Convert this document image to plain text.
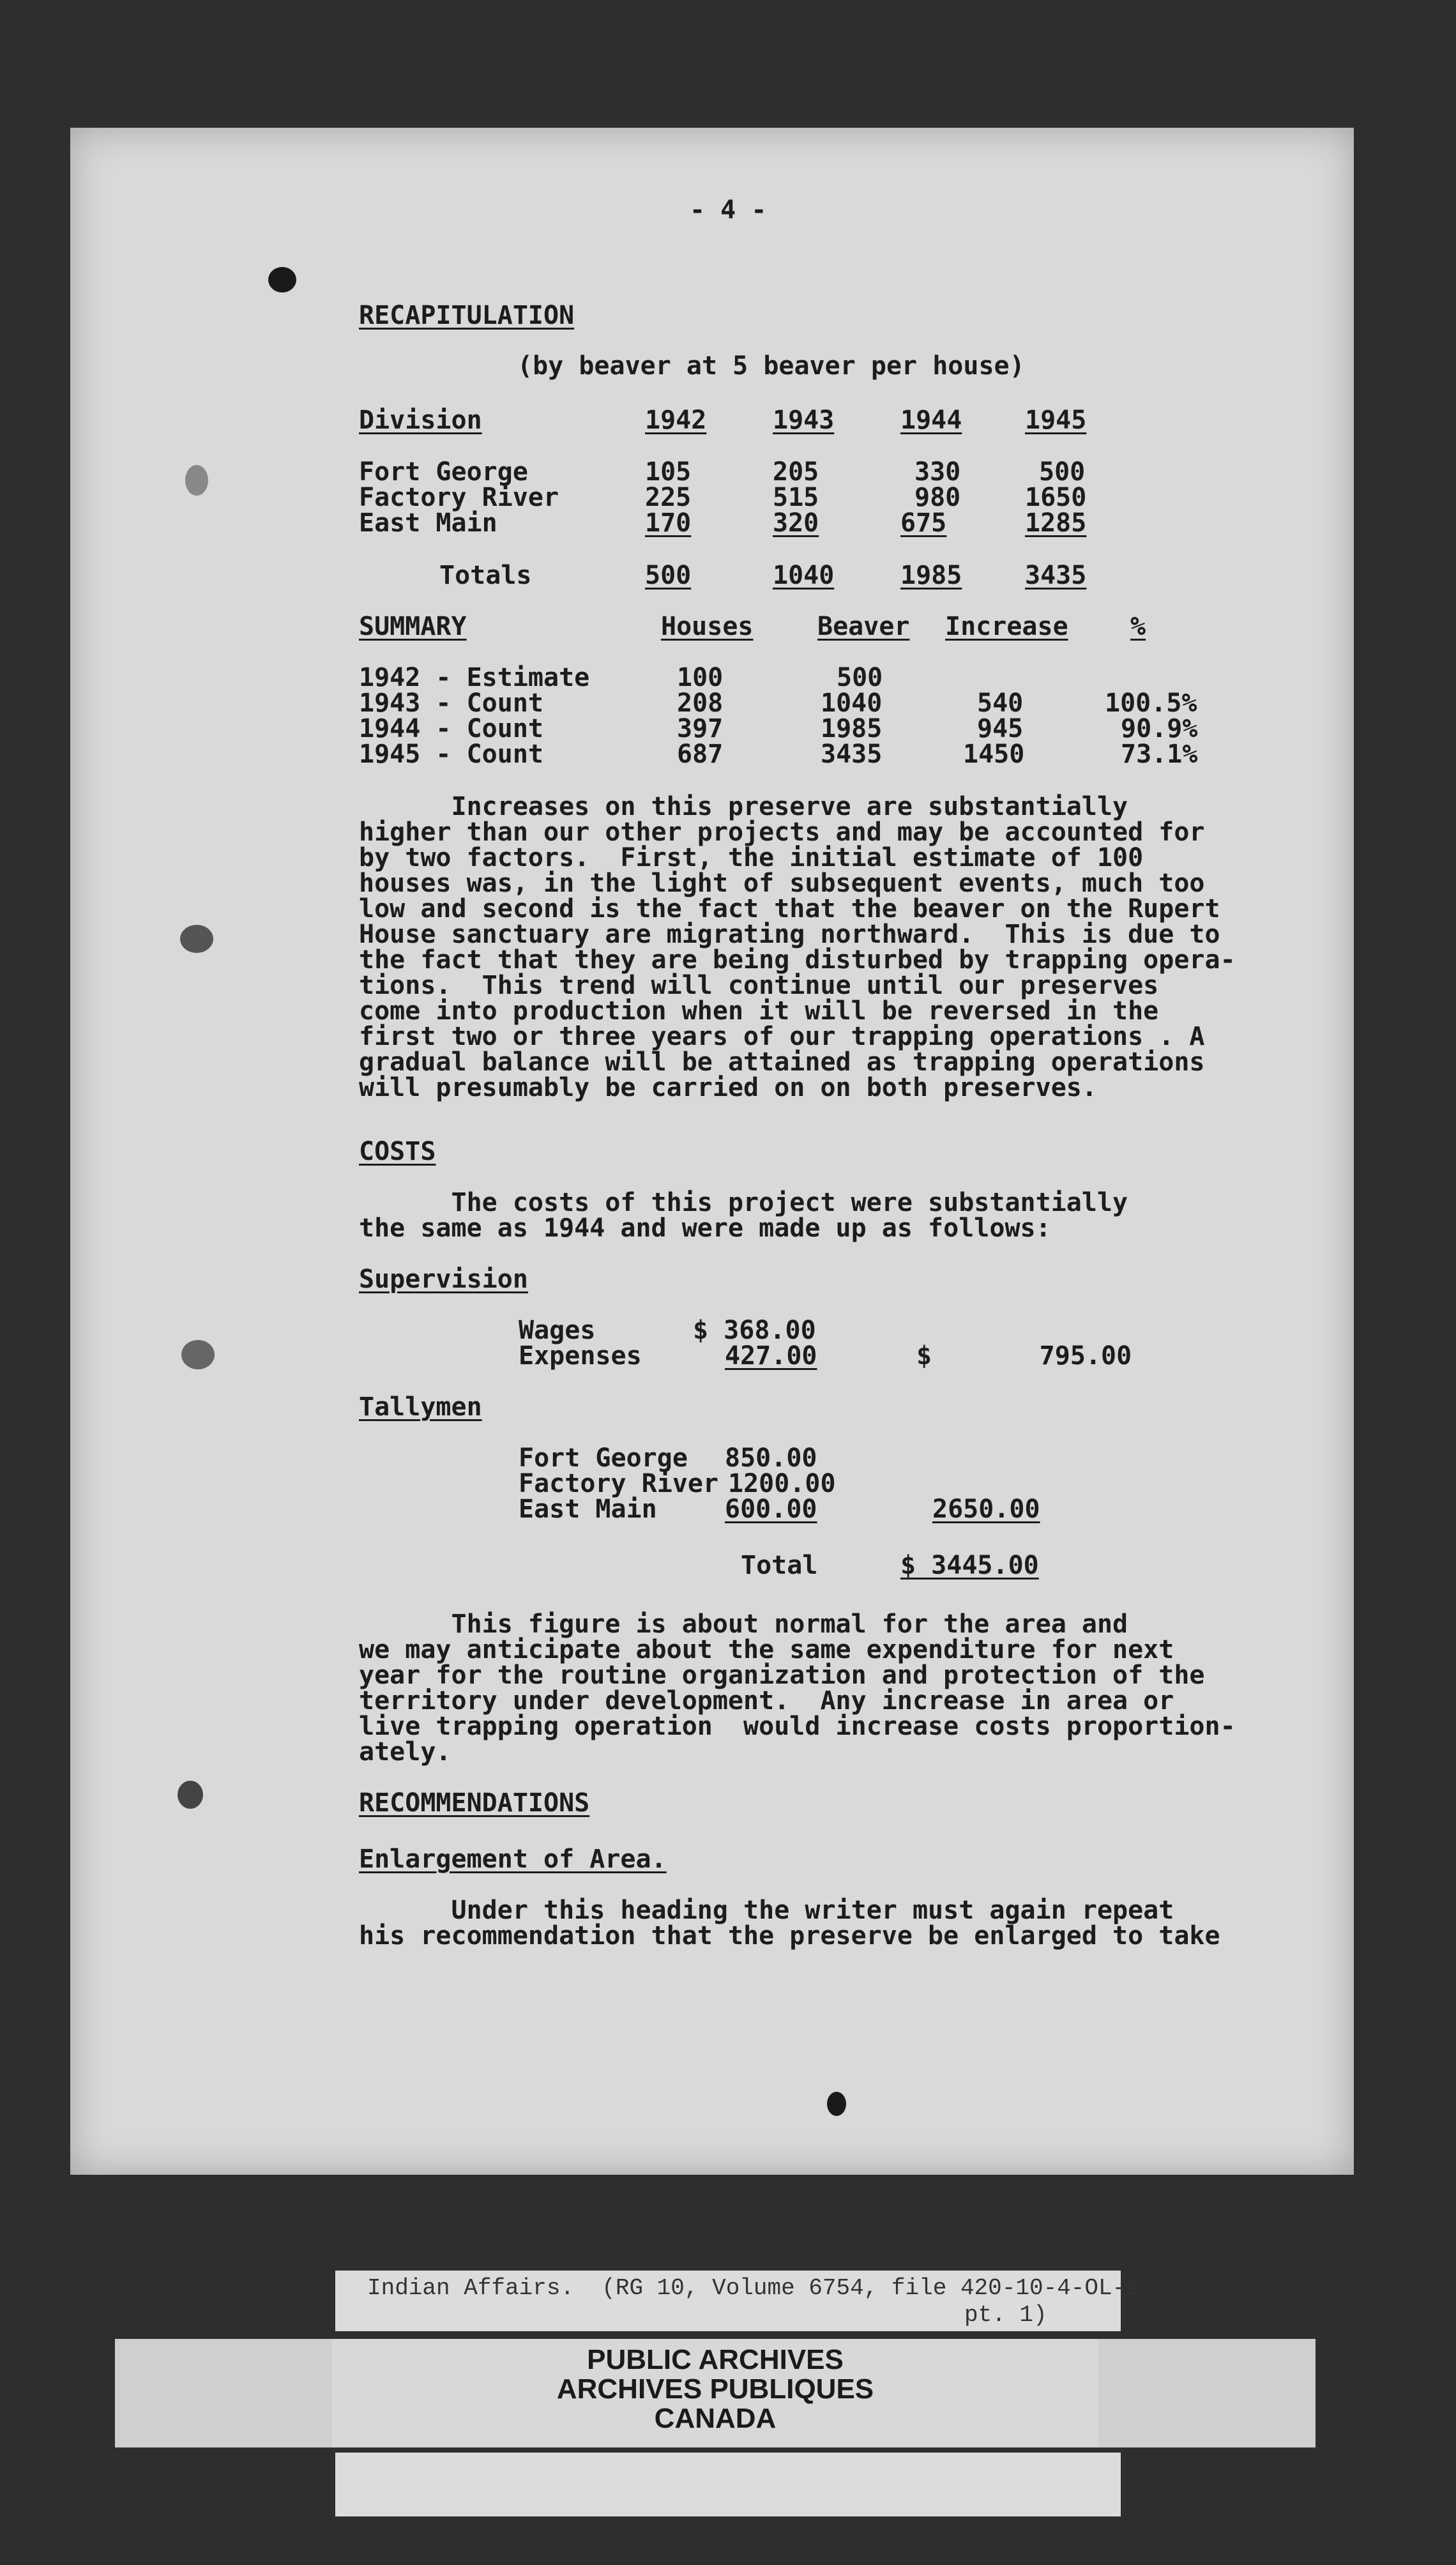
- 4 -
RECAPITULATION
(by beaver at 5 beaver per house)
Division	1942	1943	1944 1945
Fort George	105	205	330	500
Factory River	225	515	980	1650
East Main	170	320	675	1285
Totals	500	1040	1985 3435
SUMMARY	Houses	Beaver Increase %
1942 - Estimate	100	500
1943 - Count	208	1040	540	100.5%
1944 - Count	397	1985	945	90.9%
1945 - Count	687	3435	1450	73.1%
Increases on this preserve are substantially
higher than our other projects and may be accounted for
by two factors.  First, the initial estimate of 100
houses was, in the light of subsequent events, much too
low and second is the fact that the beaver on the Rupert
House sanctuary are migrating northward.  This is due to
the fact that they are being disturbed by trapping opera-
tions.  This trend will continue until our preserves
come into production when it will be reversed in the
first two or three years of our trapping operations . A
gradual balance will be attained as trapping operations
will presumably be carried on on both preserves.
COSTS
The costs of this project were substantially
the same as 1944 and were made up as follows:
Supervision
Wages	$ 368.00
Expenses	427.00	$       795.00
Tallymen
Fort George 850.00
Factory River 1200.00
East Main	600.00	2650.00
Total	$ 3445.00
This figure is about normal for the area and
we may anticipate about the same expenditure for next
year for the routine organization and protection of the
territory under development.  Any increase in area or
live trapping operation  would increase costs proportion-
ately.
RECOMMENDATIONS
Enlargement of Area.
Under this heading the writer must again repeat
his recommendation that the preserve be enlarged to take
Indian Affairs.  (RG 10, Volume 6754, file 420-10-4-OL-1
pt. 1)
PUBLIC ARCHIVES
ARCHIVES PUBLIQUES
CANADA
